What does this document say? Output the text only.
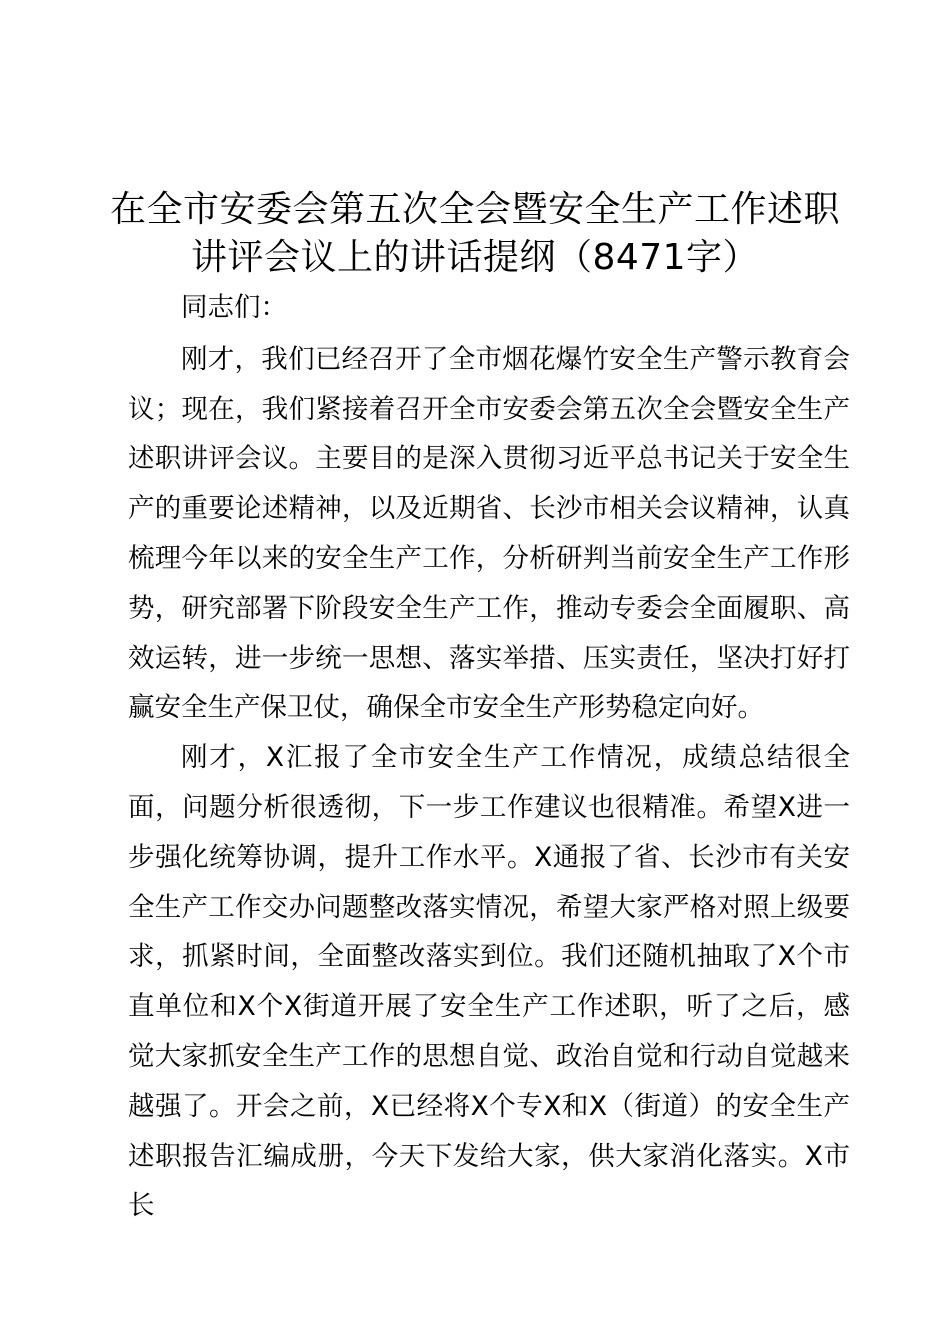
在全市安委会第五次全会暨安全生产工作述职讲评会议上的讲话提纲（8471字）

同志们：

刚才，我们已经召开了全市烟花爆竹安全生产警示教育会议；现在，我们紧接着召开全市安委会第五次全会暨安全生产述职讲评会议。主要目的是深入贯彻习近平总书记关于安全生产的重要论述精神，以及近期省、长沙市相关会议精神，认真梳理今年以来的安全生产工作，分析研判当前安全生产工作形势，研究部署下阶段安全生产工作，推动专委会全面履职、高效运转，进一步统一思想、落实举措、压实责任，坚决打好打赢安全生产保卫仗，确保全市安全生产形势稳定向好。

刚才，X汇报了全市安全生产工作情况，成绩总结很全面，问题分析很透彻，下一步工作建议也很精准。希望X进一步强化统筹协调，提升工作水平。X通报了省、长沙市有关安全生产工作交办问题整改落实情况，希望大家严格对照上级要求，抓紧时间，全面整改落实到位。我们还随机抽取了X个市直单位和X个X街道开展了安全生产工作述职，听了之后，感觉大家抓安全生产工作的思想自觉、政治自觉和行动自觉越来越强了。开会之前，X已经将X个专X和X（街道）的安全生产述职报告汇编成册，今天下发给大家，供大家消化落实。X市长
